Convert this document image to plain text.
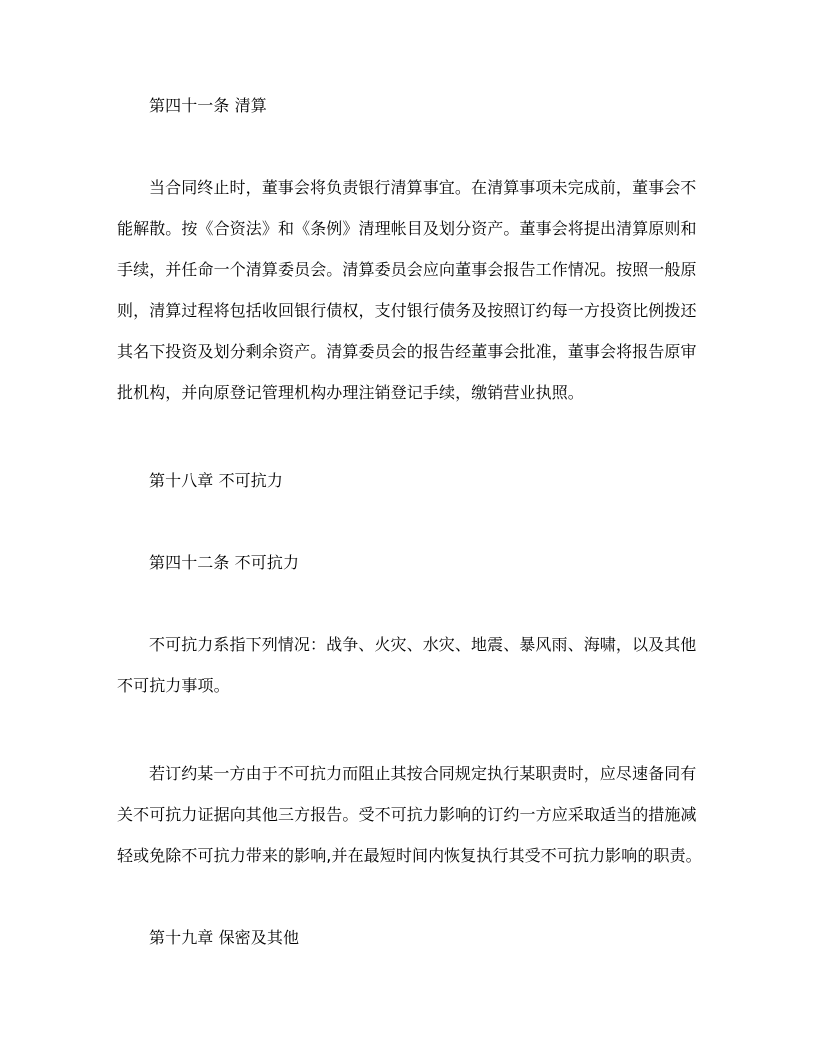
第四十一条 清算
当合同终止时，董事会将负责银行清算事宜。在清算事项未完成前，董事会不
能解散。按《合资法》和《条例》清理帐目及划分资产。董事会将提出清算原则和
手续，并任命一个清算委员会。清算委员会应向董事会报告工作情况。按照一般原
则，清算过程将包括收回银行债权，支付银行债务及按照订约每一方投资比例拨还
其名下投资及划分剩余资产。清算委员会的报告经董事会批准，董事会将报告原审
批机构，并向原登记管理机构办理注销登记手续，缴销营业执照。
第十八章 不可抗力
第四十二条 不可抗力
不可抗力系指下列情况：战争、火灾、水灾、地震、暴风雨、海啸，以及其他
不可抗力事项。
若订约某一方由于不可抗力而阻止其按合同规定执行某职责时，应尽速备同有
关不可抗力证据向其他三方报告。受不可抗力影响的订约一方应采取适当的措施减
轻或免除不可抗力带来的影响,并在最短时间内恢复执行其受不可抗力影响的职责。
第十九章 保密及其他
